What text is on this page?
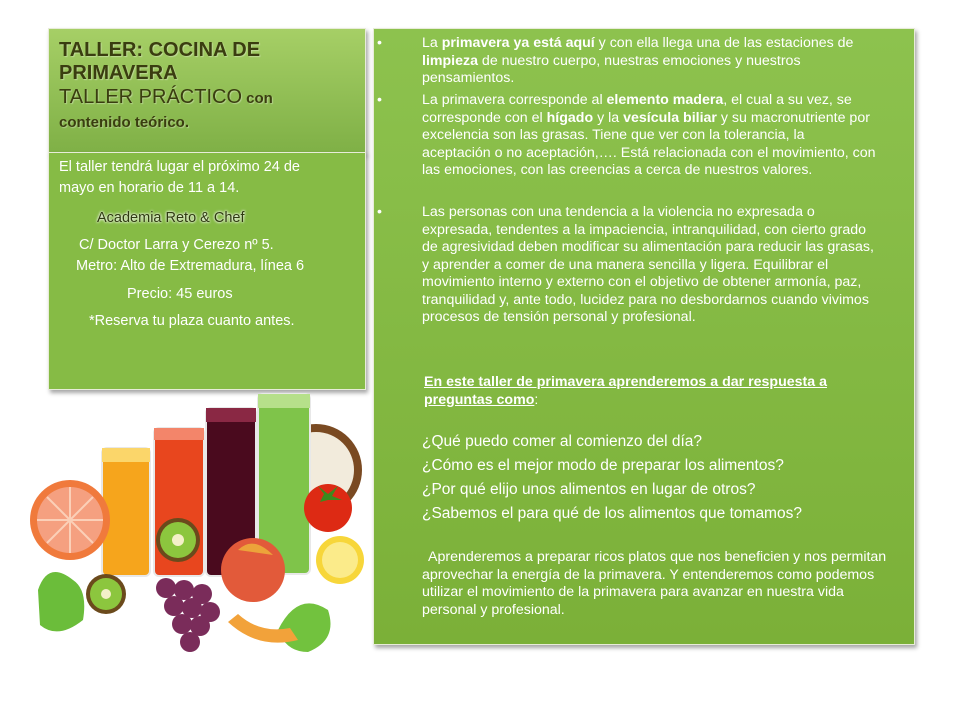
TALLER: COCINA DE
PRIMAVERA
TALLER PRÁCTICO con
contenido teórico.
El taller tendrá lugar el próximo 24 de
mayo en horario de 11 a 14.
Academia Reto & Chef
C/ Doctor Larra y Cerezo nº 5.
Metro: Alto de Extremadura, línea 6
Precio: 45 euros
*Reserva tu plaza cuanto antes.
•	La primavera ya está aquí y con ella llega una de las estaciones de limpieza de nuestro cuerpo, nuestras emociones y nuestros pensamientos.
•	La primavera corresponde al elemento madera, el cual a su vez, se corresponde con el hígado y la vesícula biliar y su macronutriente por excelencia son las grasas. Tiene que ver con la tolerancia, la aceptación o no aceptación,…. Está relacionada con el movimiento, con las emociones, con las creencias a cerca de nuestros valores.
•	Las personas con una tendencia a la violencia no expresada o expresada, tendentes a la impaciencia, intranquilidad, con cierto grado de agresividad deben modificar su alimentación para reducir las grasas, y aprender a comer de una manera sencilla y ligera. Equilibrar el movimiento interno y externo con el objetivo de obtener armonía, paz, tranquilidad y, ante todo, lucidez para no desbordarnos cuando vivimos procesos de tensión personal y profesional.
En este taller de primavera aprenderemos a dar respuesta a preguntas como:
¿Qué puedo comer al comienzo del día?
¿Cómo es el mejor modo de preparar los alimentos?
¿Por qué elijo unos alimentos en lugar de otros?
¿Sabemos el para qué de los alimentos que tomamos?
Aprenderemos a preparar ricos platos que nos beneficien y nos permitan aprovechar la energía de la primavera. Y entenderemos como podemos utilizar el movimiento de la primavera para avanzar en nuestra vida personal y profesional.
